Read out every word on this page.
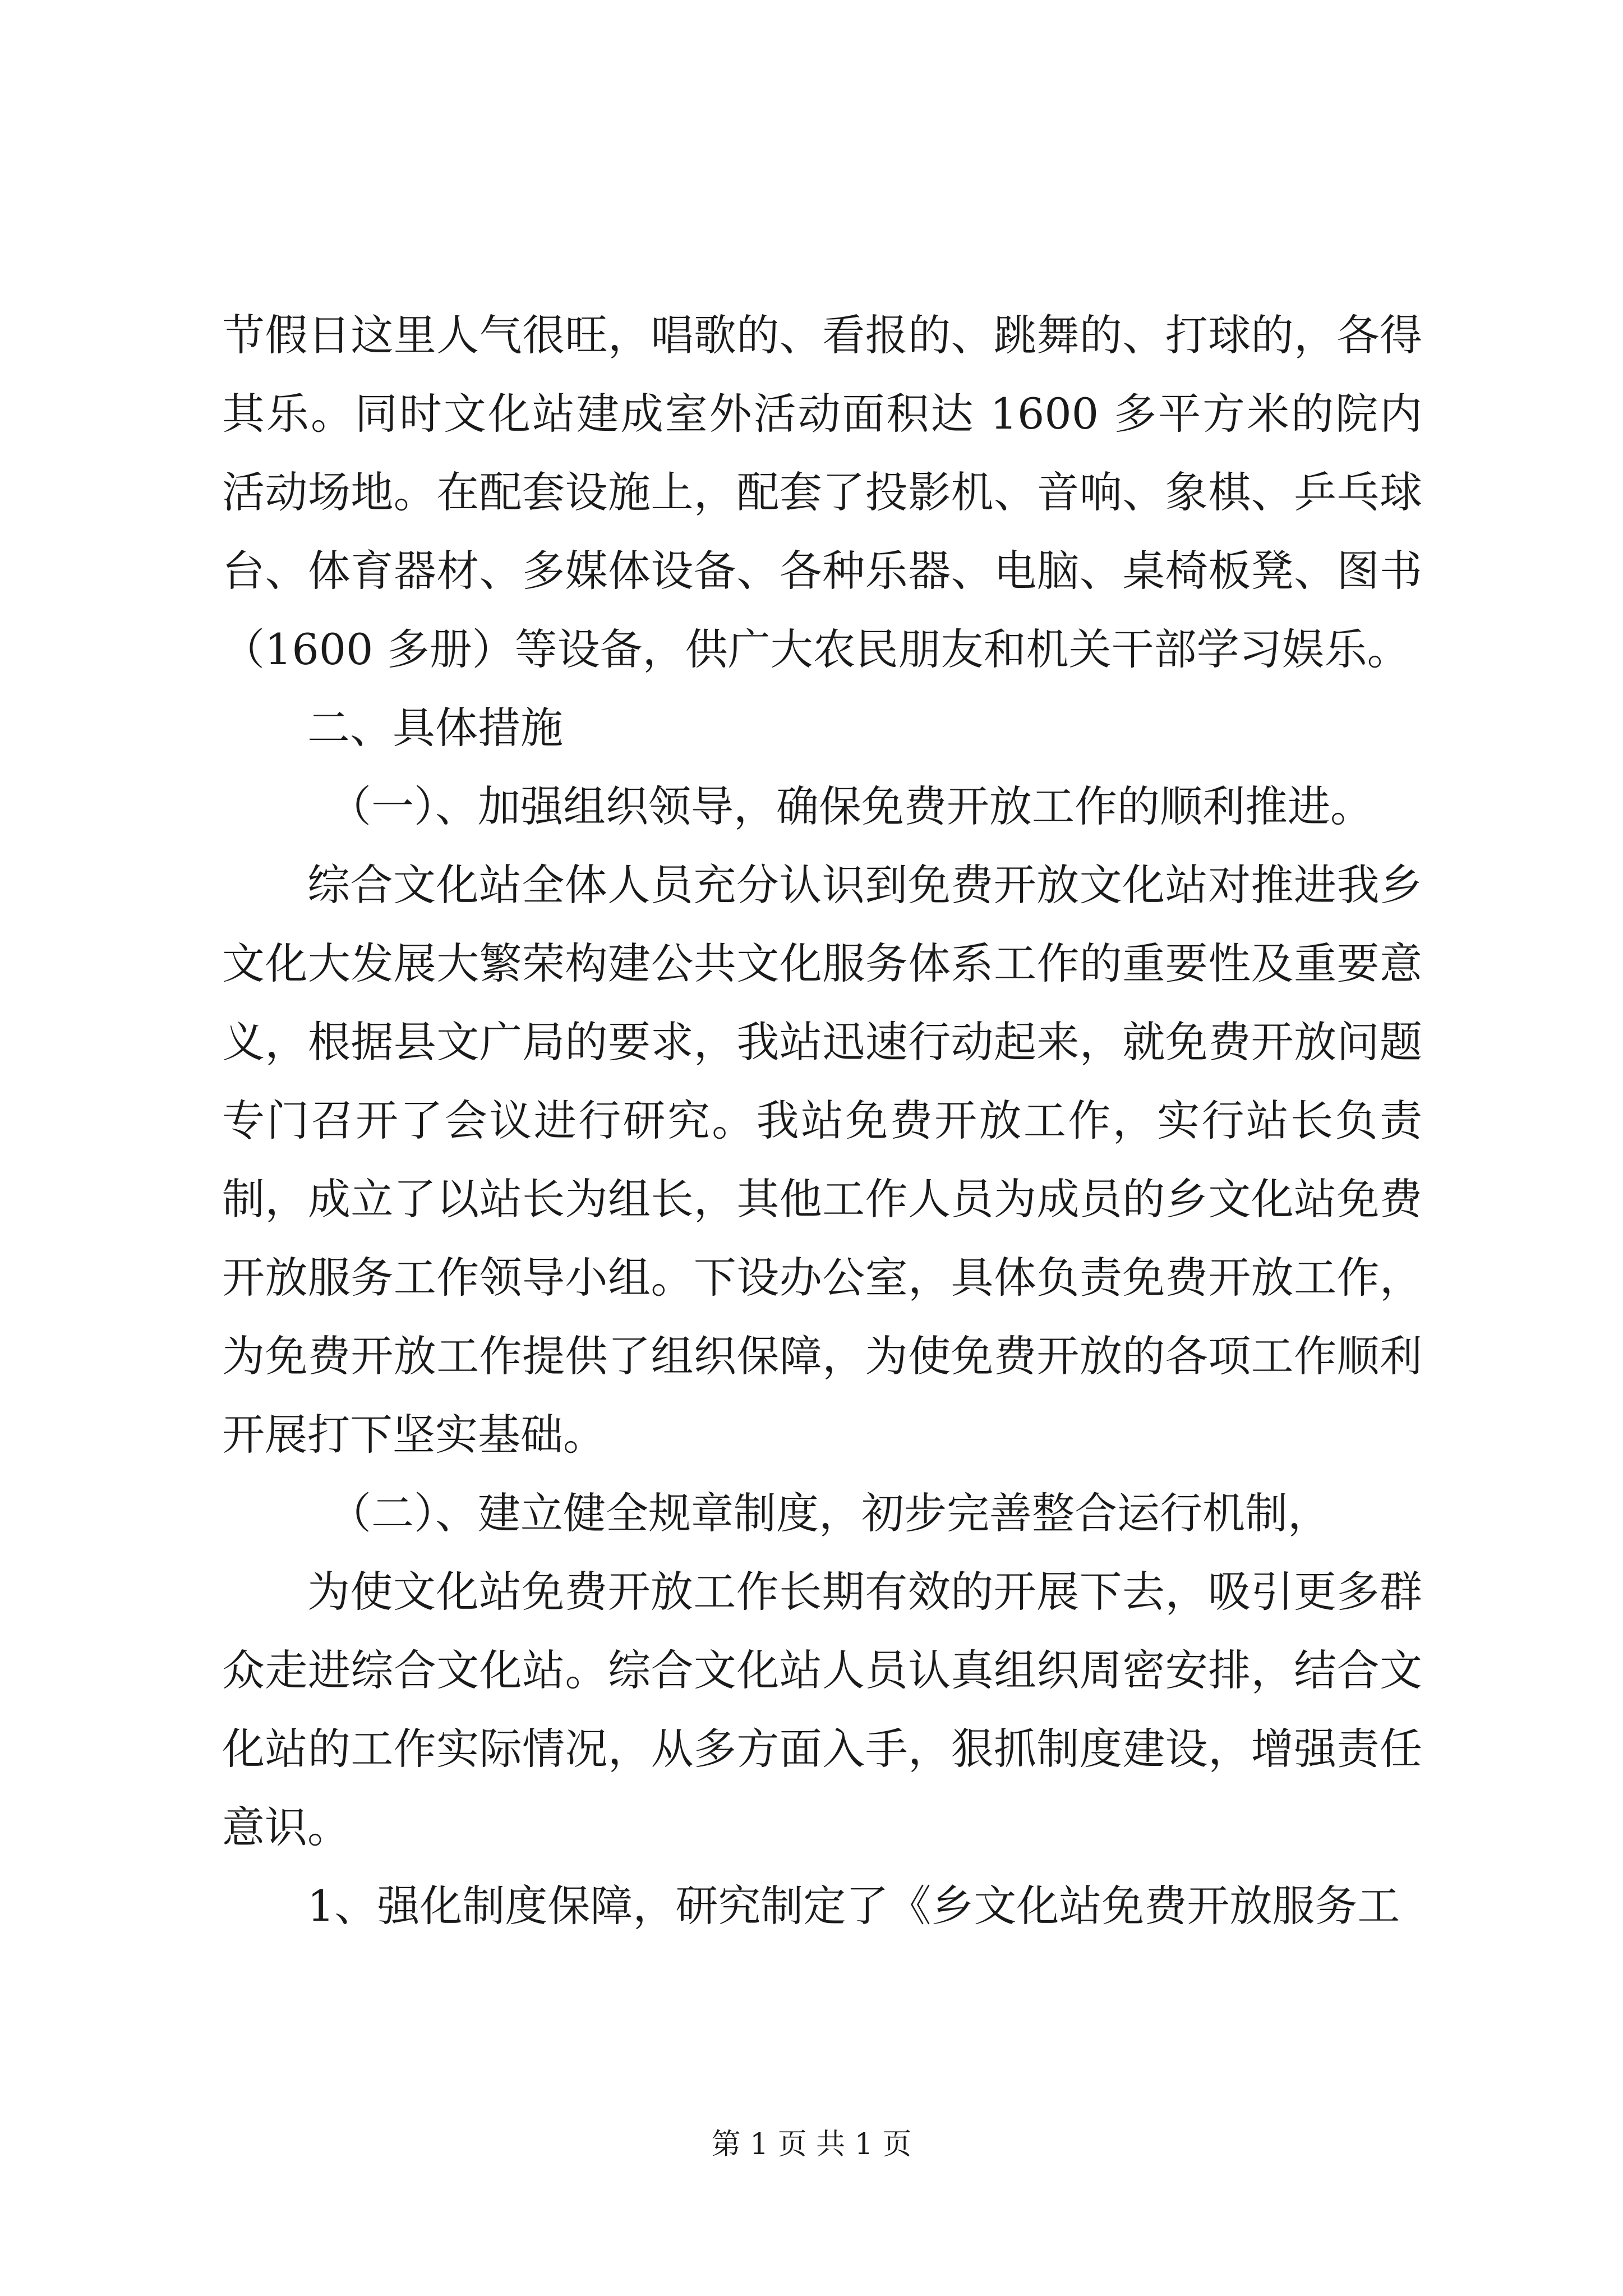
节假日这里人气很旺，唱歌的、看报的、跳舞的、打球的，各得其乐。同时文化站建成室外活动面积达 1600 多平方米的院内活动场地。在配套设施上，配套了投影机、音响、象棋、乒乓球台、体育器材、多媒体设备、各种乐器、电脑、桌椅板凳、图书（1600 多册）等设备，供广大农民朋友和机关干部学习娱乐。

二、具体措施

（一）、加强组织领导，确保免费开放工作的顺利推进。

综合文化站全体人员充分认识到免费开放文化站对推进我乡文化大发展大繁荣构建公共文化服务体系工作的重要性及重要意义，根据县文广局的要求，我站迅速行动起来，就免费开放问题专门召开了会议进行研究。我站免费开放工作，实行站长负责制，成立了以站长为组长，其他工作人员为成员的乡文化站免费开放服务工作领导小组。下设办公室，具体负责免费开放工作，为免费开放工作提供了组织保障，为使免费开放的各项工作顺利开展打下坚实基础。

（二）、建立健全规章制度，初步完善整合运行机制，

为使文化站免费开放工作长期有效的开展下去，吸引更多群众走进综合文化站。综合文化站人员认真组织周密安排，结合文化站的工作实际情况，从多方面入手，狠抓制度建设，增强责任意识。

1、强化制度保障，研究制定了《乡文化站免费开放服务工

第 1 页 共 1 页
